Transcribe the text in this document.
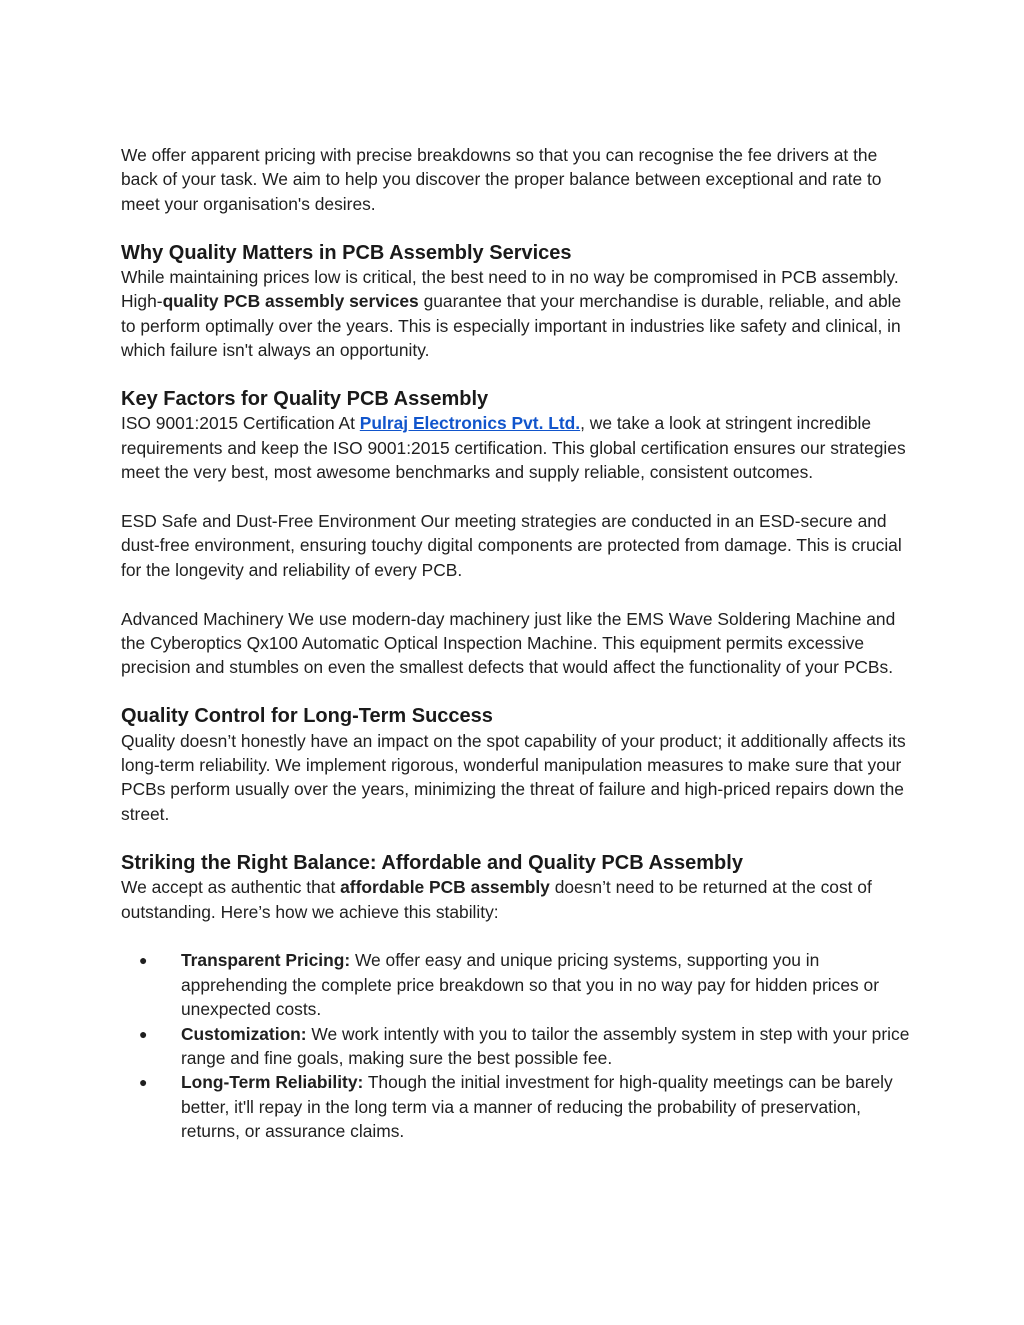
We offer apparent pricing with precise breakdowns so that you can recognise the fee drivers at the back of your task. We aim to help you discover the proper balance between exceptional and rate to meet your organisation's desires.

Why Quality Matters in PCB Assembly Services

While maintaining prices low is critical, the best need to in no way be compromised in PCB assembly. High-quality PCB assembly services guarantee that your merchandise is durable, reliable, and able to perform optimally over the years. This is especially important in industries like safety and clinical, in which failure isn't always an opportunity.

Key Factors for Quality PCB Assembly

ISO 9001:2015 Certification At Pulraj Electronics Pvt. Ltd., we take a look at stringent incredible requirements and keep the ISO 9001:2015 certification. This global certification ensures our strategies meet the very best, most awesome benchmarks and supply reliable, consistent outcomes.

ESD Safe and Dust-Free Environment Our meeting strategies are conducted in an ESD-secure and dust-free environment, ensuring touchy digital components are protected from damage. This is crucial for the longevity and reliability of every PCB.

Advanced Machinery We use modern-day machinery just like the EMS Wave Soldering Machine and the Cyberoptics Qx100 Automatic Optical Inspection Machine. This equipment permits excessive precision and stumbles on even the smallest defects that would affect the functionality of your PCBs.

Quality Control for Long-Term Success

Quality doesn’t honestly have an impact on the spot capability of your product; it additionally affects its long-term reliability. We implement rigorous, wonderful manipulation measures to make sure that your PCBs perform usually over the years, minimizing the threat of failure and high-priced repairs down the street.

Striking the Right Balance: Affordable and Quality PCB Assembly

We accept as authentic that affordable PCB assembly doesn’t need to be returned at the cost of outstanding. Here’s how we achieve this stability:

● Transparent Pricing: We offer easy and unique pricing systems, supporting you in apprehending the complete price breakdown so that you in no way pay for hidden prices or unexpected costs.
● Customization: We work intently with you to tailor the assembly system in step with your price range and fine goals, making sure the best possible fee.
● Long-Term Reliability: Though the initial investment for high-quality meetings can be barely better, it'll repay in the long term via a manner of reducing the probability of preservation, returns, or assurance claims.
